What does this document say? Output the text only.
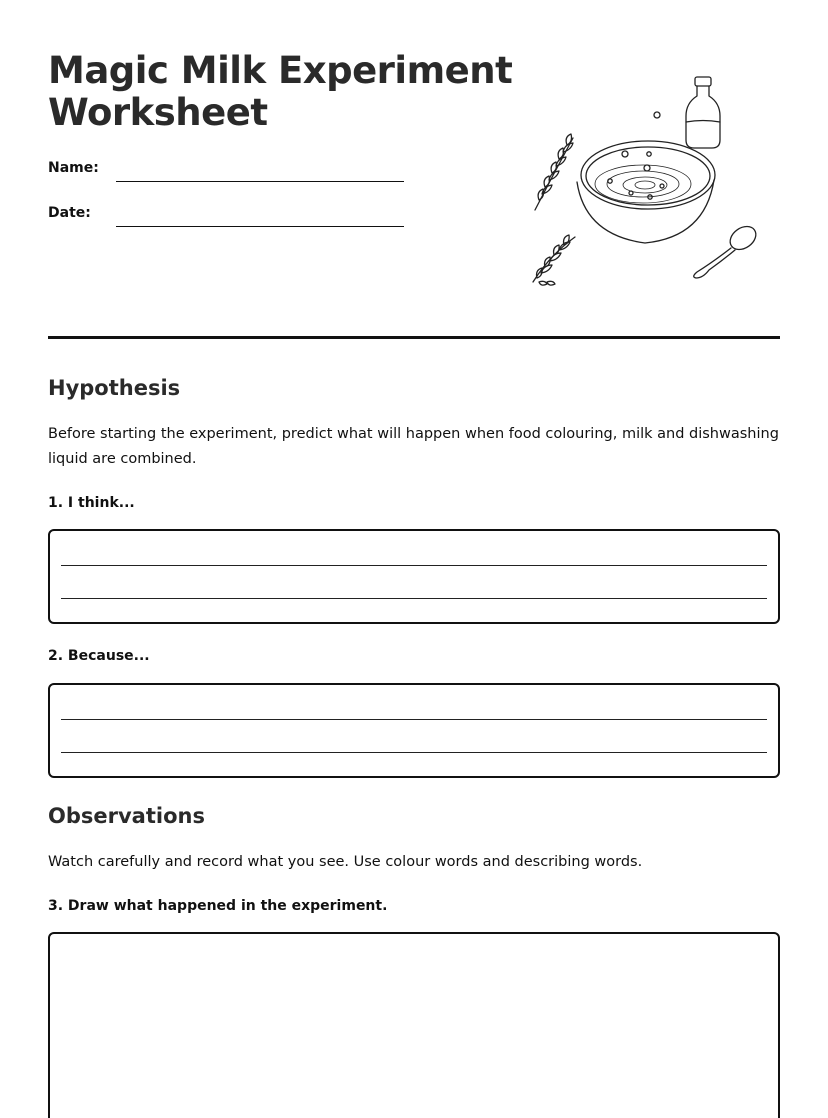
Magic Milk Experiment Worksheet
Name:
Date:
Hypothesis

Before starting the experiment, predict what will happen when food colouring, milk and dishwashing liquid are combined.

1. I think...
2. Because...
Observations

Watch carefully and record what you see. Use colour words and describing words.

3. Draw what happened in the experiment.
